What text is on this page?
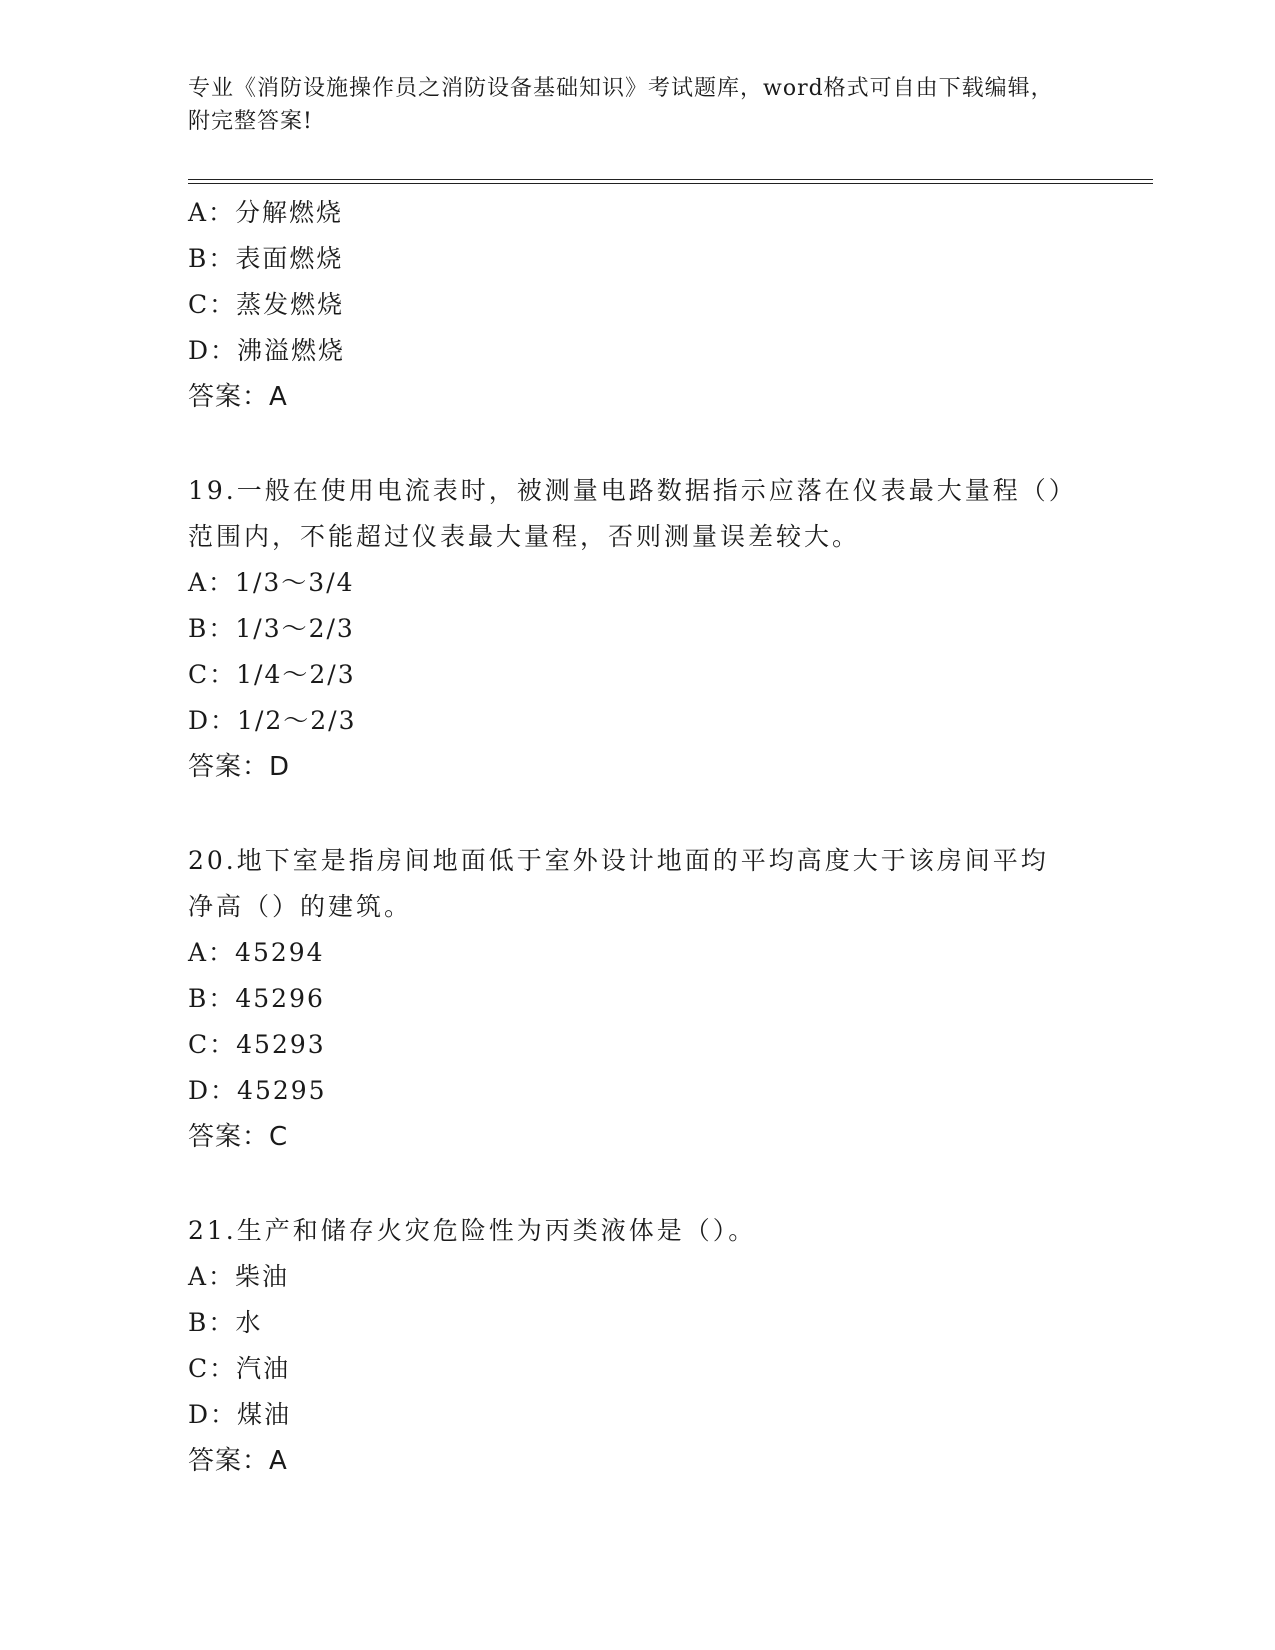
专业《消防设施操作员之消防设备基础知识》考试题库，word格式可自由下载编辑，附完整答案!
A：分解燃烧
B：表面燃烧
C：蒸发燃烧
D：沸溢燃烧
答案：A
19.一般在使用电流表时，被测量电路数据指示应落在仪表最大量程（）范围内，不能超过仪表最大量程，否则测量误差较大。
A：1/3～3/4
B：1/3～2/3
C：1/4～2/3
D：1/2～2/3
答案：D
20.地下室是指房间地面低于室外设计地面的平均高度大于该房间平均净高（）的建筑。
A：45294
B：45296
C：45293
D：45295
答案：C
21.生产和储存火灾危险性为丙类液体是（）。
A：柴油
B：水
C：汽油
D：煤油
答案：A
